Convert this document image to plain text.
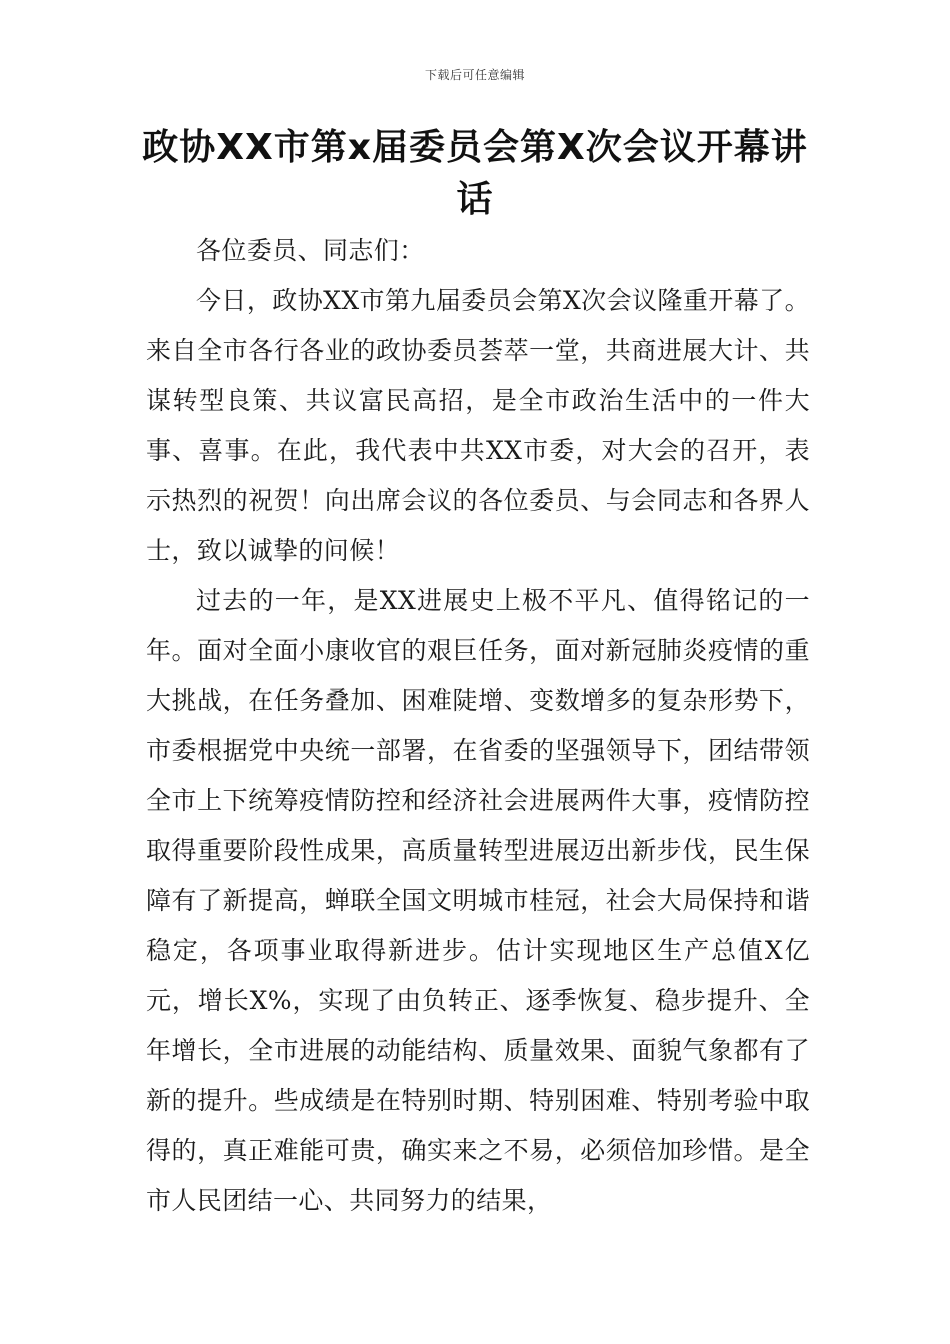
下载后可任意编辑
政协XX市第x届委员会第X次会议开幕讲话

各位委员、同志们：

今日，政协XX市第九届委员会第X次会议隆重开幕了。来自全市各行各业的政协委员荟萃一堂，共商进展大计、共谋转型良策、共议富民高招，是全市政治生活中的一件大事、喜事。在此，我代表中共XX市委，对大会的召开，表示热烈的祝贺！向出席会议的各位委员、与会同志和各界人士，致以诚挚的问候！

过去的一年，是XX进展史上极不平凡、值得铭记的一年。面对全面小康收官的艰巨任务，面对新冠肺炎疫情的重大挑战，在任务叠加、困难陡增、变数增多的复杂形势下，市委根据党中央统一部署，在省委的坚强领导下，团结带领全市上下统筹疫情防控和经济社会进展两件大事，疫情防控取得重要阶段性成果，高质量转型进展迈出新步伐，民生保障有了新提高，蝉联全国文明城市桂冠，社会大局保持和谐稳定，各项事业取得新进步。估计实现地区生产总值X亿元，增长X%，实现了由负转正、逐季恢复、稳步提升、全年增长，全市进展的动能结构、质量效果、面貌气象都有了新的提升。些成绩是在特别时期、特别困难、特别考验中取得的，真正难能可贵，确实来之不易，必须倍加珍惜。是全市人民团结一心、共同努力的结果，
